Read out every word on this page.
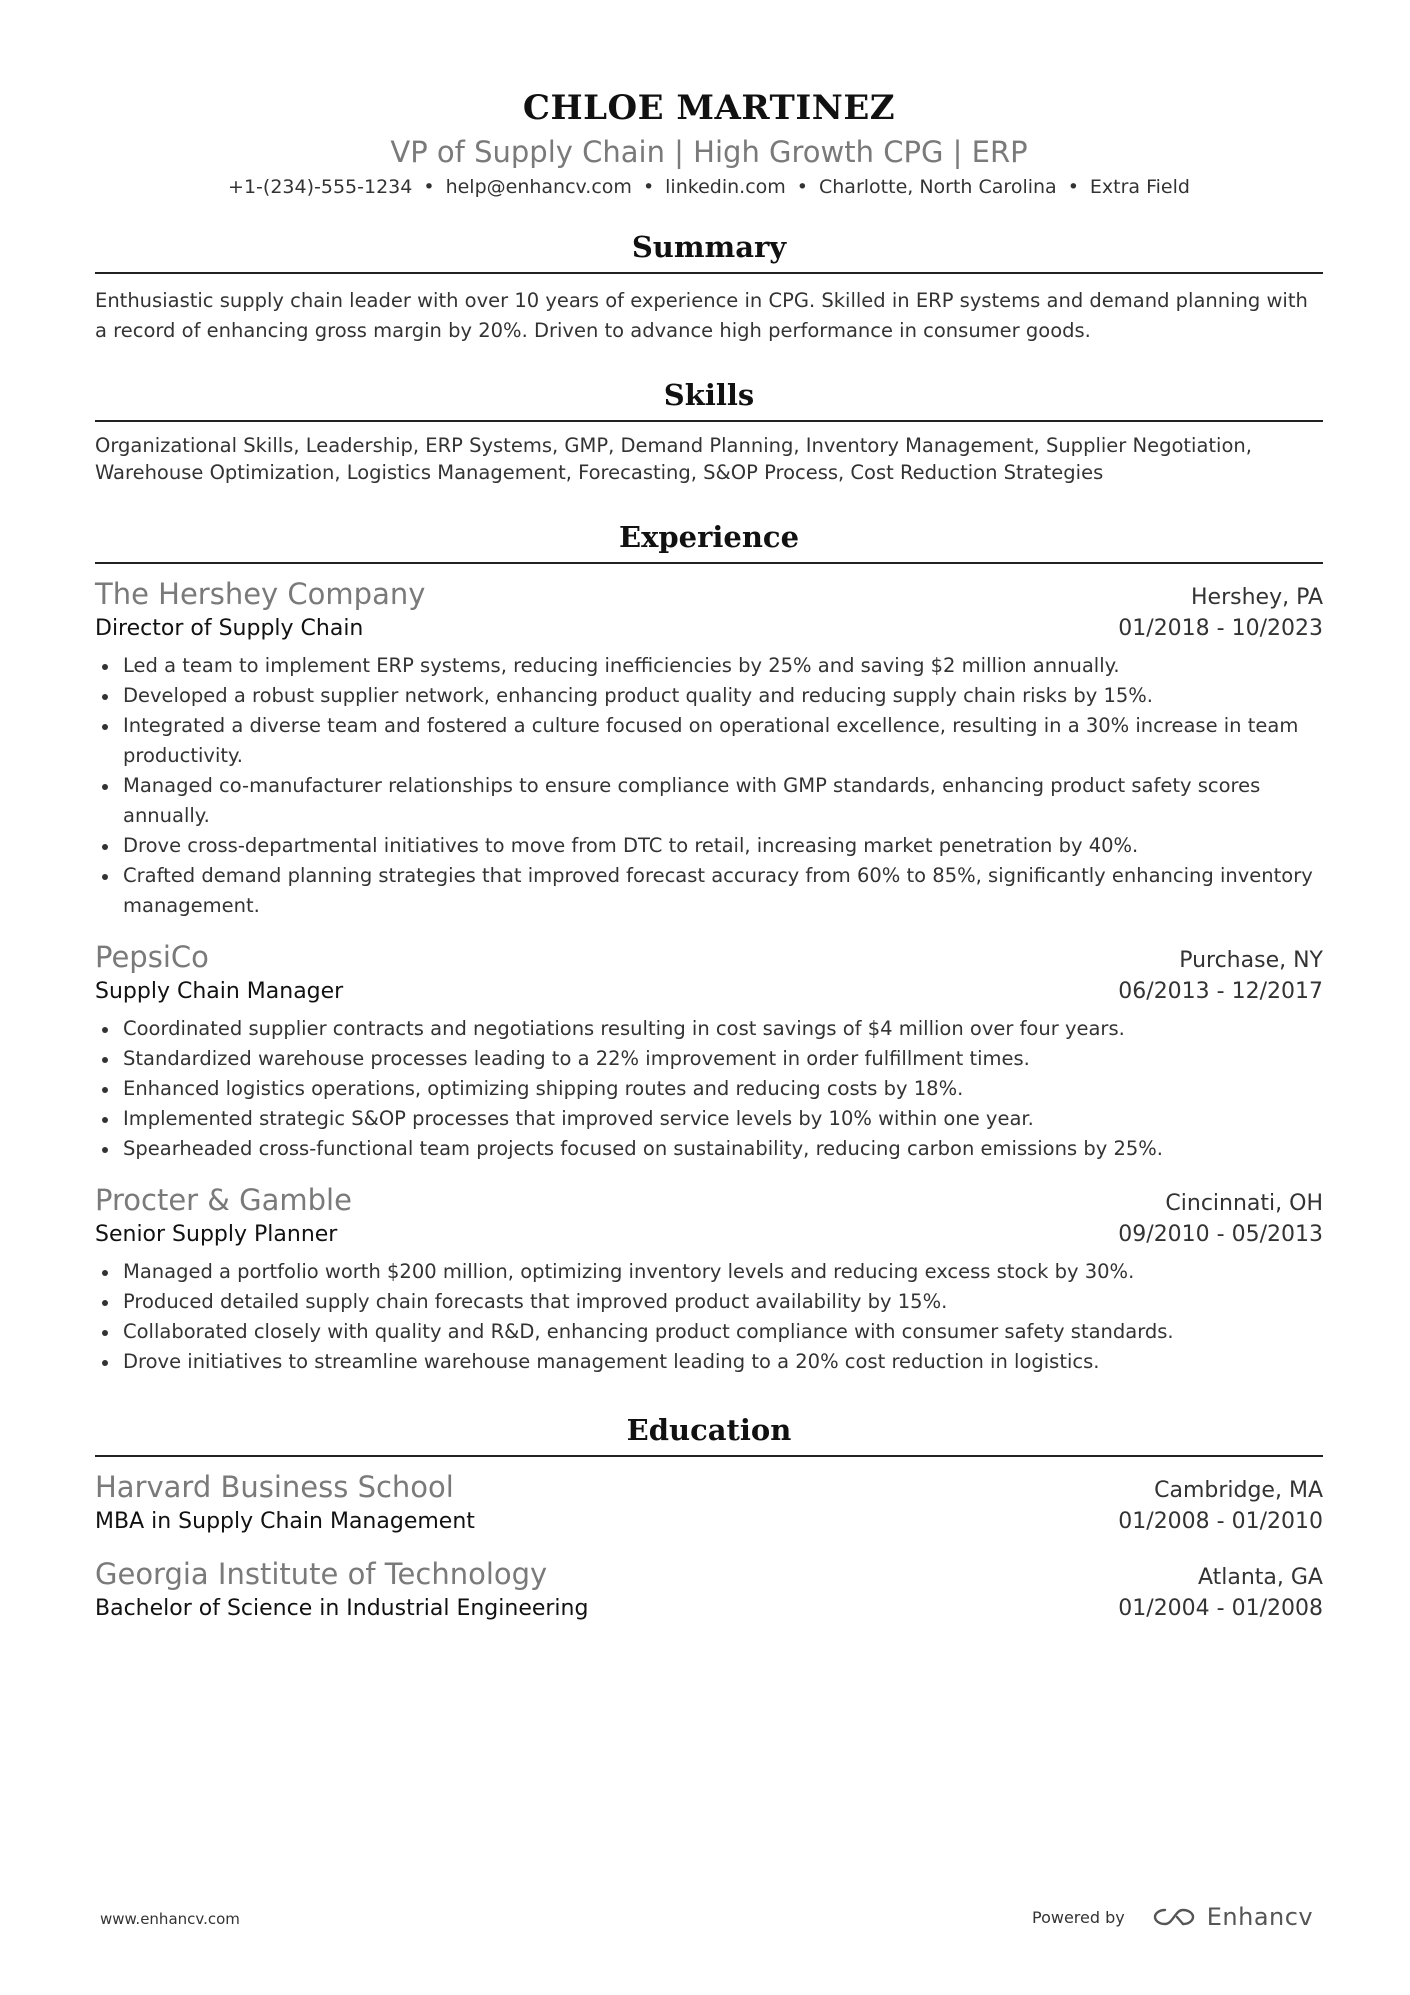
CHLOE MARTINEZ
VP of Supply Chain | High Growth CPG | ERP
+1-(234)-555-1234 • help@enhancv.com • linkedin.com • Charlotte, North Carolina • Extra Field
Summary
Enthusiastic supply chain leader with over 10 years of experience in CPG. Skilled in ERP systems and demand planning with a record of enhancing gross margin by 20%. Driven to advance high performance in consumer goods.
Skills
Organizational Skills, Leadership, ERP Systems, GMP, Demand Planning, Inventory Management, Supplier Negotiation, Warehouse Optimization, Logistics Management, Forecasting, S&OP Process, Cost Reduction Strategies
Experience
The Hershey Company	Hershey, PA
Director of Supply Chain	01/2018 - 10/2023
Led a team to implement ERP systems, reducing inefficiencies by 25% and saving $2 million annually.
Developed a robust supplier network, enhancing product quality and reducing supply chain risks by 15%.
Integrated a diverse team and fostered a culture focused on operational excellence, resulting in a 30% increase in team productivity.
Managed co-manufacturer relationships to ensure compliance with GMP standards, enhancing product safety scores annually.
Drove cross-departmental initiatives to move from DTC to retail, increasing market penetration by 40%.
Crafted demand planning strategies that improved forecast accuracy from 60% to 85%, significantly enhancing inventory management.
PepsiCo	Purchase, NY
Supply Chain Manager	06/2013 - 12/2017
Coordinated supplier contracts and negotiations resulting in cost savings of $4 million over four years.
Standardized warehouse processes leading to a 22% improvement in order fulfillment times.
Enhanced logistics operations, optimizing shipping routes and reducing costs by 18%.
Implemented strategic S&OP processes that improved service levels by 10% within one year.
Spearheaded cross-functional team projects focused on sustainability, reducing carbon emissions by 25%.
Procter & Gamble	Cincinnati, OH
Senior Supply Planner	09/2010 - 05/2013
Managed a portfolio worth $200 million, optimizing inventory levels and reducing excess stock by 30%.
Produced detailed supply chain forecasts that improved product availability by 15%.
Collaborated closely with quality and R&D, enhancing product compliance with consumer safety standards.
Drove initiatives to streamline warehouse management leading to a 20% cost reduction in logistics.
Education
Harvard Business School	Cambridge, MA
MBA in Supply Chain Management	01/2008 - 01/2010
Georgia Institute of Technology	Atlanta, GA
Bachelor of Science in Industrial Engineering	01/2004 - 01/2008
www.enhancv.com	Powered by	Enhancv
